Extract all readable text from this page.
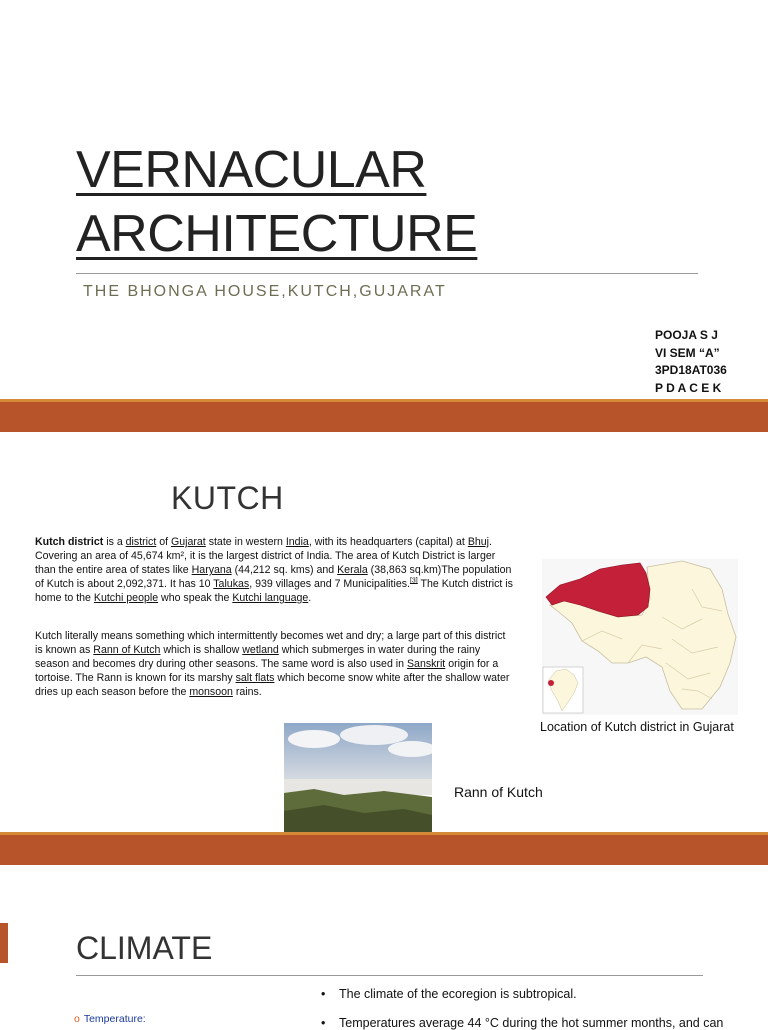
VERNACULAR
ARCHITECTURE
THE BHONGA HOUSE,KUTCH,GUJARAT
POOJA S J
VI SEM “A”
3PD18AT036
P D A C E K
KUTCH
Kutch district is a district of Gujarat state in western India, with its headquarters (capital) at Bhuj. Covering an area of 45,674 km², it is the largest district of India. The area of Kutch District is larger than the entire area of states like Haryana (44,212 sq. kms) and Kerala (38,863 sq.km)The population of Kutch is about 2,092,371. It has 10 Talukas, 939 villages and 7 Municipalities.[3] The Kutch district is home to the Kutchi people who speak the Kutchi language.
Kutch literally means something which intermittently becomes wet and dry; a large part of this district is known as Rann of Kutch which is shallow wetland which submerges in water during the rainy season and becomes dry during other seasons. The same word is also used in Sanskrit origin for a tortoise. The Rann is known for its marshy salt flats which become snow white after the shallow water dries up each season before the monsoon rains.
Location of Kutch district in Gujarat
Rann of Kutch
CLIMATE
• The climate of the ecoregion is subtropical.
• Temperatures average 44 °C during the hot summer months, and can
o Temperature:
